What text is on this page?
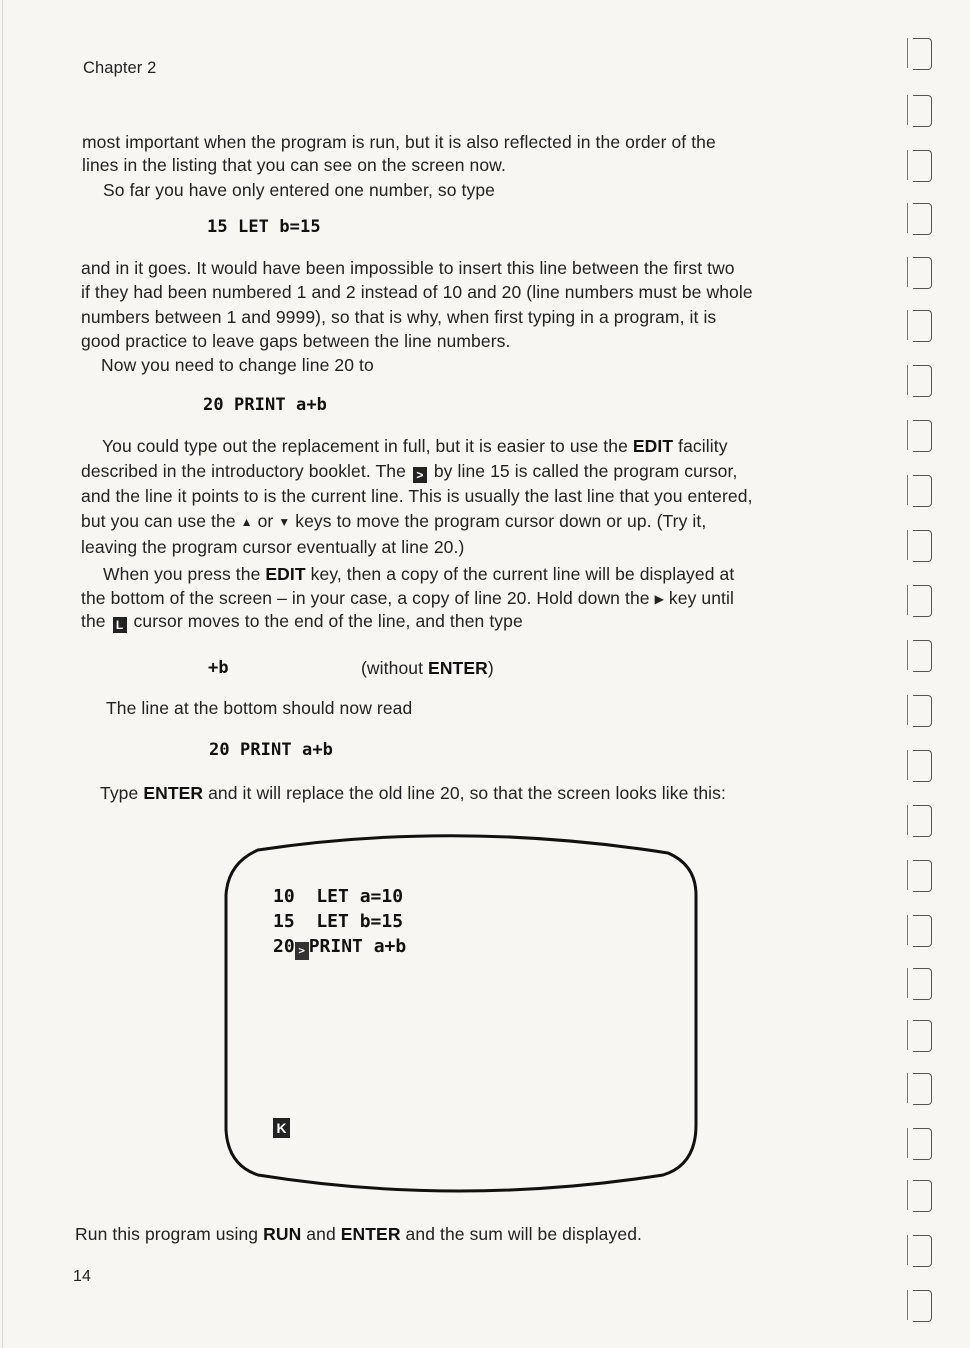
Chapter 2
most important when the program is run, but it is also reflected in the order of the
lines in the listing that you can see on the screen now.
So far you have only entered one number, so type
15 LET b=15
and in it goes. It would have been impossible to insert this line between the first two
if they had been numbered 1 and 2 instead of 10 and 20 (line numbers must be whole
numbers between 1 and 9999), so that is why, when first typing in a program, it is
good practice to leave gaps between the line numbers.
Now you need to change line 20 to
20 PRINT a+b
You could type out the replacement in full, but it is easier to use the EDIT facility
described in the introductory booklet. The > by line 15 is called the program cursor,
and the line it points to is the current line. This is usually the last line that you entered,
but you can use the ▲ or ▼ keys to move the program cursor down or up. (Try it,
leaving the program cursor eventually at line 20.)
When you press the EDIT key, then a copy of the current line will be displayed at
the bottom of the screen – in your case, a copy of line 20. Hold down the ▶ key until
the L cursor moves to the end of the line, and then type
+b	(without ENTER)
The line at the bottom should now read
20 PRINT a+b
Type ENTER and it will replace the old line 20, so that the screen looks like this:
10  LET a=10
15  LET b=15
20 > PRINT a+b
K
Run this program using RUN and ENTER and the sum will be displayed.
14
